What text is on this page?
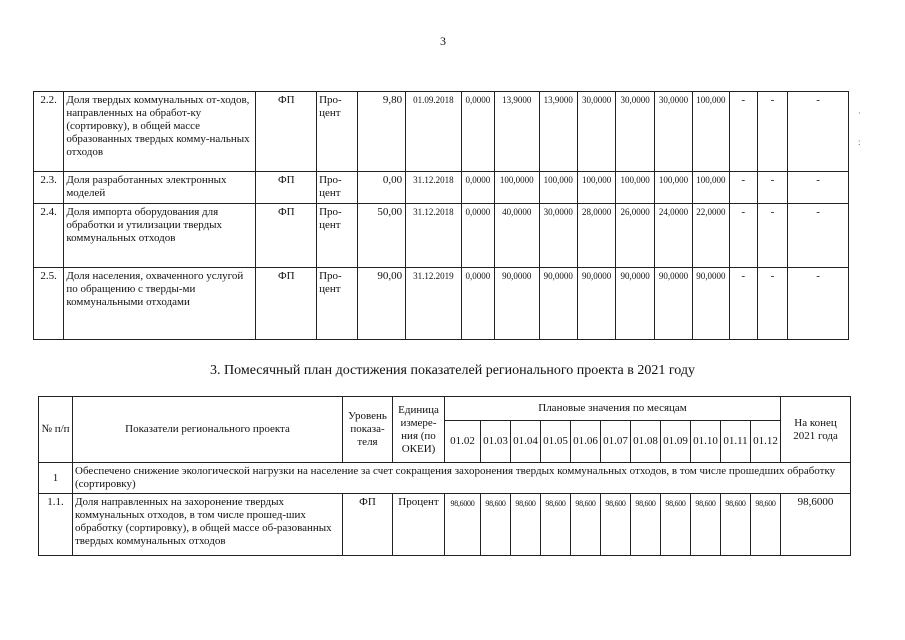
3
2.2.	Доля твердых коммунальных от-ходов, направленных на обработ-ку (сортировку), в общей массе образованных твердых комму-нальных отходов	ФП	Про-цент	9,80	01.09.2018	0,0000	13,9000	13,9000	30,0000	30,0000	30,0000	100,000	-	-	-
2.3.	Доля разработанных электронных моделей	ФП	Про-цент	0,00	31.12.2018	0,0000	100,0000	100,000	100,000	100,000	100,000	100,000	-	-	-
2.4.	Доля импорта оборудования для обработки и утилизации твердых коммунальных отходов	ФП	Про-цент	50,00	31.12.2018	0,0000	40,0000	30,0000	28,0000	26,0000	24,0000	22,0000	-	-	-
2.5.	Доля населения, охваченного услугой по обращению с тверды-ми коммунальными отходами	ФП	Про-цент	90,00	31.12.2019	0,0000	90,0000	90,0000	90,0000	90,0000	90,0000	90,0000	-	-	-
3. Помесячный план достижения показателей регионального проекта в 2021 году
№ п/п	Показатели регионального проекта	Уровень показа-теля	Единица измере-ния (по ОКЕИ)	Плановые значения по месяцам											На конец 2021 года
				01.02	01.03	01.04	01.05	01.06	01.07	01.08	01.09	01.10	01.11	01.12	
1	Обеспечено снижение экологической нагрузки на население за счет сокращения захоронения твердых коммунальных отходов, в том числе прошедших обработку (сортировку)														
1.1.	Доля направленных на захоронение твердых коммунальных отходов, в том числе прошед-ших обработку (сортировку), в общей массе об-разованных твердых коммунальных отходов	ФП	Процент	98,6000	98,600	98,600	98,600	98,600	98,600	98,600	98,600	98,600	98,600	98,600	98,6000
·
:
